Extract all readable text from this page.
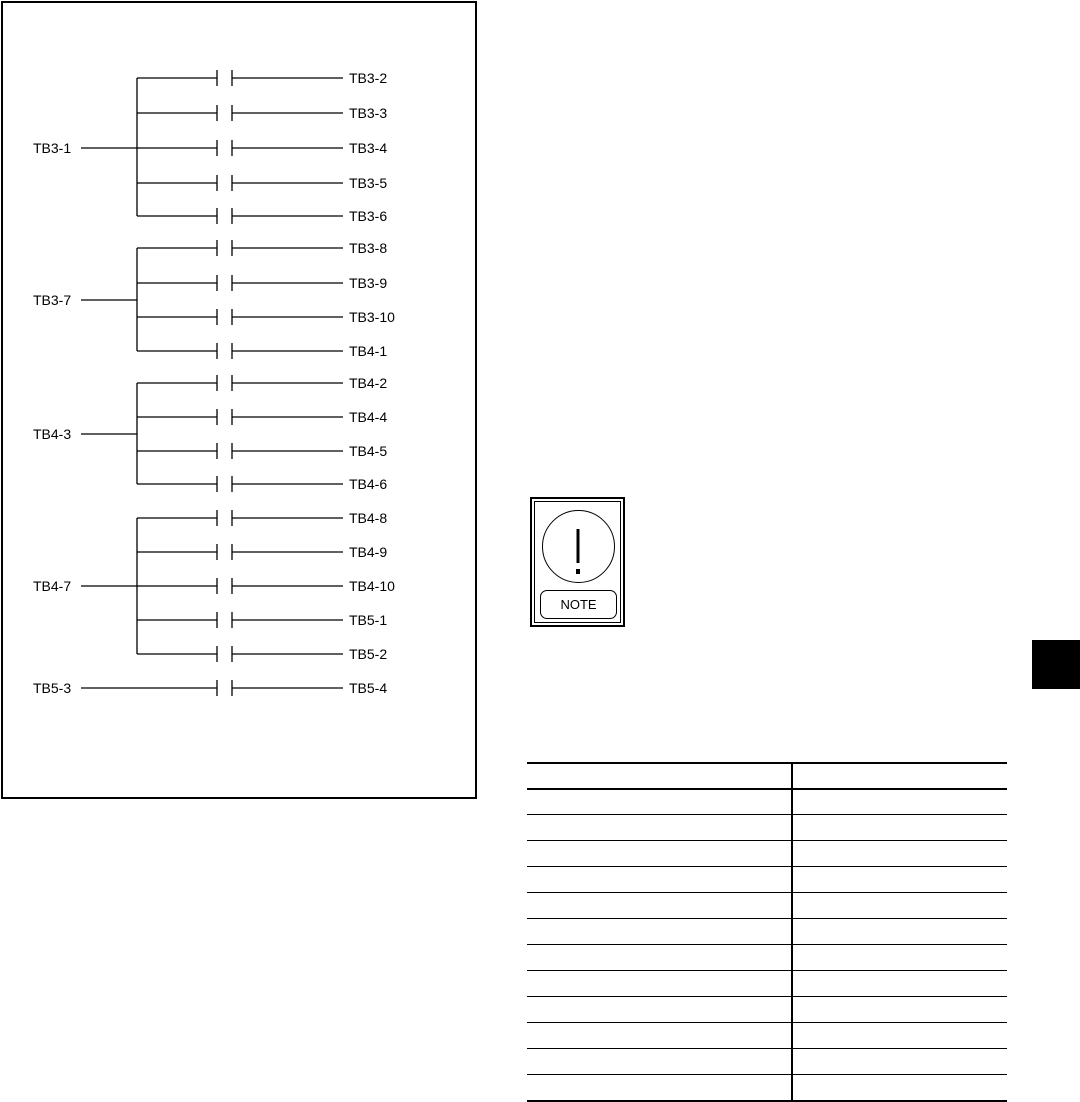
TB3-1
TB3-2
TB3-3
TB3-4
TB3-5
TB3-6
TB3-7
TB3-8
TB3-9
TB3-10
TB4-1
TB4-3
TB4-2
TB4-4
TB4-5
TB4-6
TB4-7
TB4-8
TB4-9
TB4-10
TB5-1
TB5-2
TB5-3	TB5-4
NOTE
